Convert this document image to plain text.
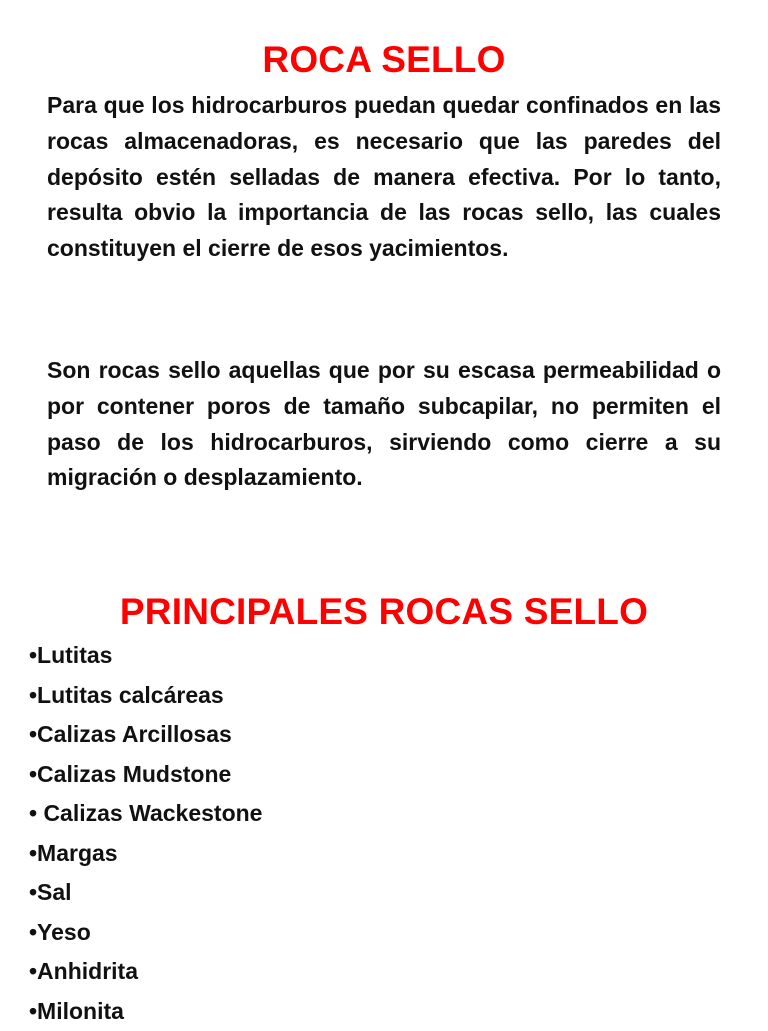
ROCA SELLO

Para que los hidrocarburos puedan quedar confinados en las rocas almacenadoras, es necesario que las paredes del depósito estén selladas de manera efectiva. Por lo tanto, resulta obvio la importancia de las rocas sello, las cuales constituyen el cierre de esos yacimientos.

Son rocas sello aquellas que por su escasa permeabilidad o por contener poros de tamaño subcapilar, no permiten el paso de los hidrocarburos, sirviendo como cierre a su migración o desplazamiento.

PRINCIPALES ROCAS SELLO
•Lutitas
•Lutitas calcáreas
•Calizas Arcillosas
•Calizas Mudstone
• Calizas Wackestone
•Margas
•Sal
•Yeso
•Anhidrita
•Milonita
